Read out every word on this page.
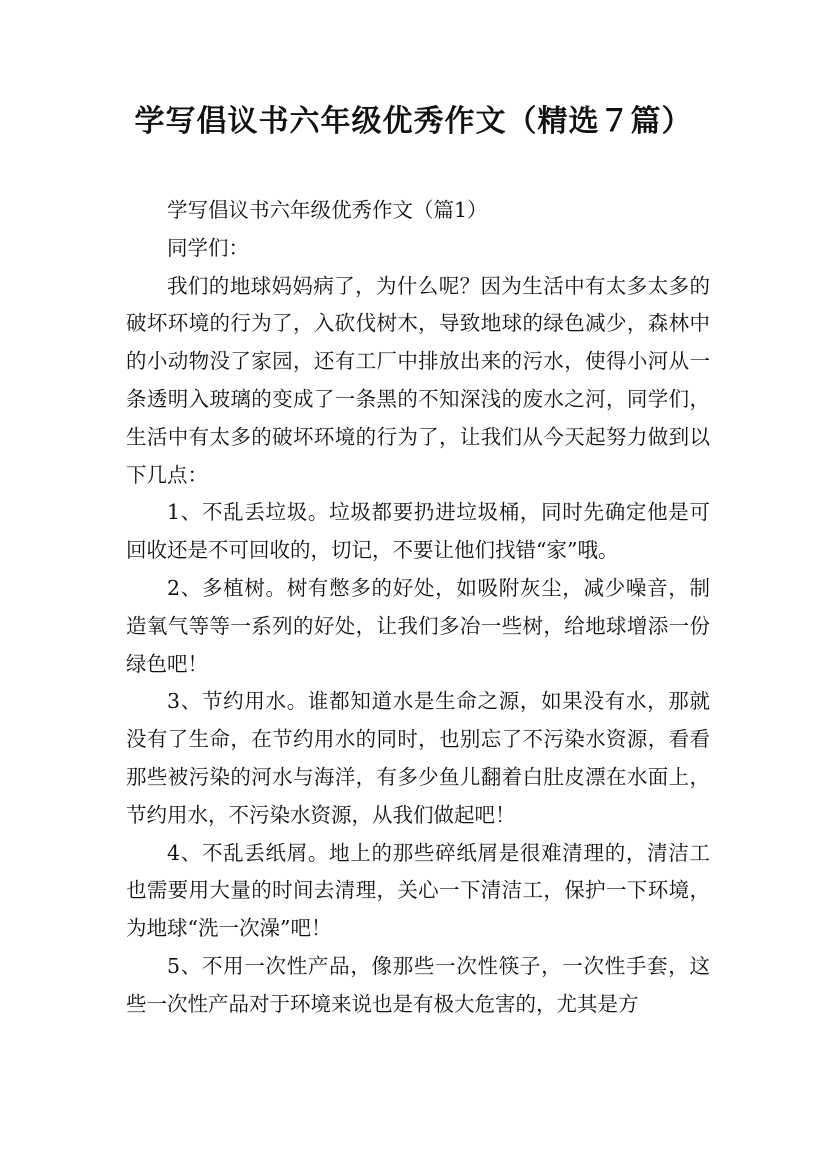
学写倡议书六年级优秀作文（精选７篇）

学写倡议书六年级优秀作文（篇1）

同学们：

我们的地球妈妈病了，为什么呢？因为生活中有太多太多的破坏环境的行为了，入砍伐树木，导致地球的绿色减少，森林中的小动物没了家园，还有工厂中排放出来的污水，使得小河从一条透明入玻璃的变成了一条黑的不知深浅的废水之河，同学们，生活中有太多的破坏环境的行为了，让我们从今天起努力做到以下几点：

1、不乱丢垃圾。垃圾都要扔进垃圾桶，同时先确定他是可回收还是不可回收的，切记，不要让他们找错“家”哦。

2、多植树。树有憋多的好处，如吸附灰尘，减少噪音，制造氧气等等一系列的好处，让我们多冶一些树，给地球增添一份绿色吧！

3、节约用水。谁都知道水是生命之源，如果没有水，那就没有了生命，在节约用水的同时，也别忘了不污染水资源，看看那些被污染的河水与海洋，有多少鱼儿翻着白肚皮漂在水面上，节约用水，不污染水资源，从我们做起吧！

4、不乱丢纸屑。地上的那些碎纸屑是很难清理的，清洁工也需要用大量的时间去清理，关心一下清洁工，保护一下环境，为地球“洗一次澡”吧！

5、不用一次性产品，像那些一次性筷子，一次性手套，这些一次性产品对于环境来说也是有极大危害的，尤其是方
